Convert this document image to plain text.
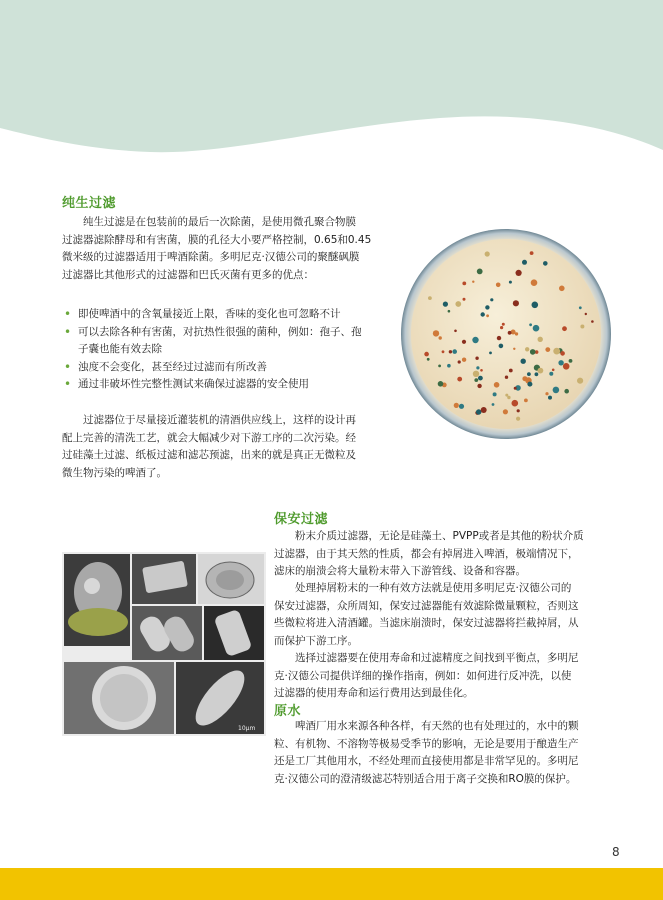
纯生过滤
纯生过滤是在包装前的最后一次除菌，是使用微孔聚合物膜
过滤器滤除酵母和有害菌，膜的孔径大小要严格控制，0.65和0.45
微米级的过滤器适用于啤酒除菌。多明尼克·汉德公司的聚醚砜膜
过滤器比其他形式的过滤器和巴氏灭菌有更多的优点：
• 即使啤酒中的含氧量接近上限，香味的变化也可忽略不计
• 可以去除各种有害菌，对抗热性很强的菌种，例如：孢子、孢
子囊也能有效去除
• 浊度不会变化，甚至经过过滤而有所改善
• 通过非破坏性完整性测试来确保过滤器的安全使用
过滤器位于尽量接近灌装机的清酒供应线上，这样的设计再
配上完善的清洗工艺，就会大幅减少对下游工序的二次污染。经
过硅藻土过滤、纸板过滤和滤芯预滤，出来的就是真正无微粒及
微生物污染的啤酒了。
保安过滤
粉末介质过滤器，无论是硅藻土、PVPP或者是其他的粉状介质
过滤器，由于其天然的性质，都会有掉屑进入啤酒，极端情况下，
滤床的崩溃会将大量粉末带入下游管线、设备和容器。
处理掉屑粉末的一种有效方法就是使用多明尼克·汉德公司的
保安过滤器，众所周知，保安过滤器能有效滤除微量颗粒，否则这
些微粒将进入清酒罐。当滤床崩溃时，保安过滤器将拦截掉屑，从
而保护下游工序。
选择过滤器要在使用寿命和过滤精度之间找到平衡点，多明尼
克·汉德公司提供详细的操作指南，例如：如何进行反冲洗，以使
过滤器的使用寿命和运行费用达到最佳化。
10μm
原水
啤酒厂用水来源各种各样，有天然的也有处理过的，水中的颗
粒、有机物、不溶物等极易受季节的影响，无论是要用于酿造生产
还是工厂其他用水，不经处理而直接使用都是非常罕见的。多明尼
克·汉德公司的澄清级滤芯特别适合用于离子交换和RO膜的保护。
8
